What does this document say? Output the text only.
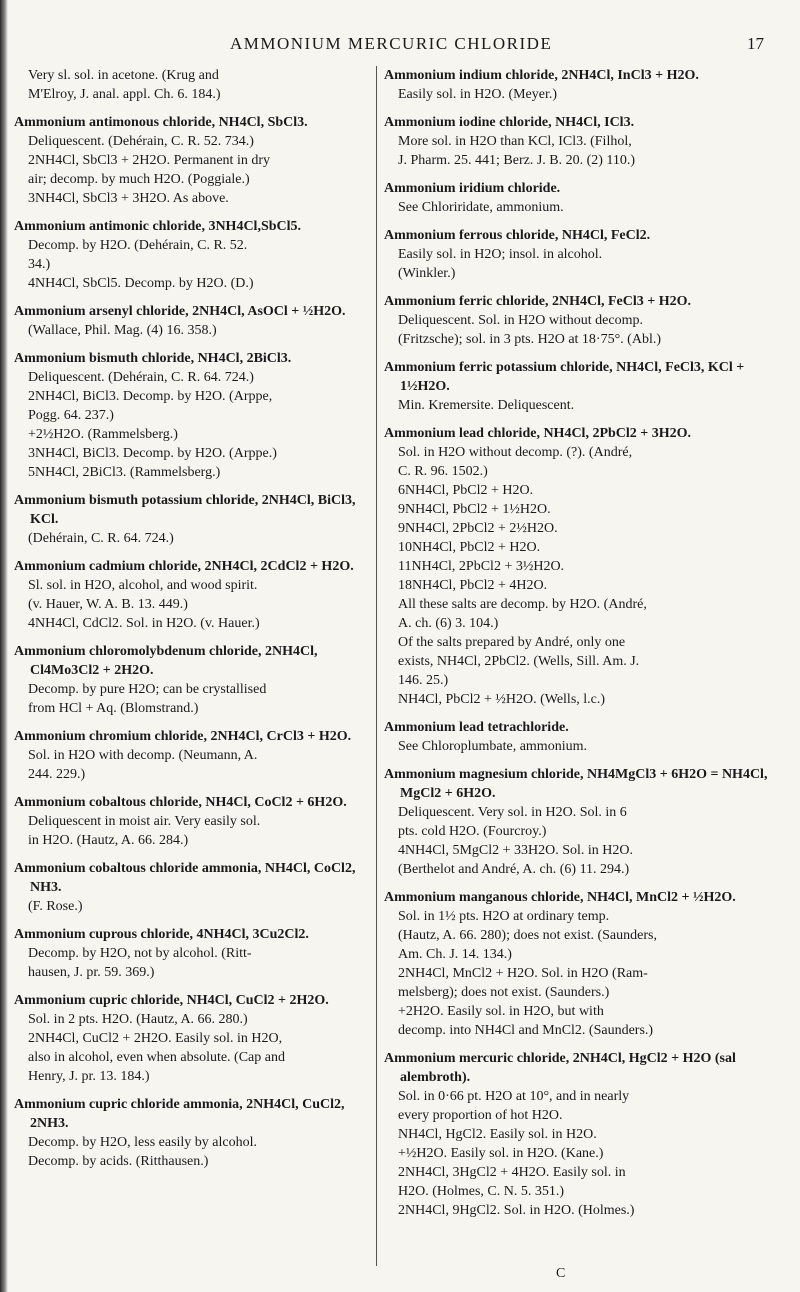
AMMONIUM MERCURIC CHLORIDE	17
Very sl. sol. in acetone. (Krug and
M'Elroy, J. anal. appl. Ch. 6. 184.)
Ammonium antimonous chloride, NH4Cl, SbCl3.
Deliquescent. (Dehérain, C. R. 52. 734.)
2NH4Cl, SbCl3 + 2H2O. Permanent in dry
air; decomp. by much H2O. (Poggiale.)
3NH4Cl, SbCl3 + 3H2O. As above.
Ammonium antimonic chloride, 3NH4Cl,SbCl5.
Decomp. by H2O. (Dehérain, C. R. 52.
34.)
4NH4Cl, SbCl5. Decomp. by H2O. (D.)
Ammonium arsenyl chloride, 2NH4Cl, AsOCl + ½H2O.
(Wallace, Phil. Mag. (4) 16. 358.)
Ammonium bismuth chloride, NH4Cl, 2BiCl3.
Deliquescent. (Dehérain, C. R. 64. 724.)
2NH4Cl, BiCl3. Decomp. by H2O. (Arppe,
Pogg. 64. 237.)
+2½H2O. (Rammelsberg.)
3NH4Cl, BiCl3. Decomp. by H2O. (Arppe.)
5NH4Cl, 2BiCl3. (Rammelsberg.)
Ammonium bismuth potassium chloride, 2NH4Cl, BiCl3, KCl.
(Dehérain, C. R. 64. 724.)
Ammonium cadmium chloride, 2NH4Cl, 2CdCl2 + H2O.
Sl. sol. in H2O, alcohol, and wood spirit.
(v. Hauer, W. A. B. 13. 449.)
4NH4Cl, CdCl2. Sol. in H2O. (v. Hauer.)
Ammonium chloromolybdenum chloride, 2NH4Cl, Cl4Mo3Cl2 + 2H2O.
Decomp. by pure H2O; can be crystallised
from HCl + Aq. (Blomstrand.)
Ammonium chromium chloride, 2NH4Cl, CrCl3 + H2O.
Sol. in H2O with decomp. (Neumann, A.
244. 229.)
Ammonium cobaltous chloride, NH4Cl, CoCl2 + 6H2O.
Deliquescent in moist air. Very easily sol.
in H2O. (Hautz, A. 66. 284.)
Ammonium cobaltous chloride ammonia, NH4Cl, CoCl2, NH3.
(F. Rose.)
Ammonium cuprous chloride, 4NH4Cl, 3Cu2Cl2.
Decomp. by H2O, not by alcohol. (Ritt-
hausen, J. pr. 59. 369.)
Ammonium cupric chloride, NH4Cl, CuCl2 + 2H2O.
Sol. in 2 pts. H2O. (Hautz, A. 66. 280.)
2NH4Cl, CuCl2 + 2H2O. Easily sol. in H2O,
also in alcohol, even when absolute. (Cap and
Henry, J. pr. 13. 184.)
Ammonium cupric chloride ammonia, 2NH4Cl, CuCl2, 2NH3.
Decomp. by H2O, less easily by alcohol.
Decomp. by acids. (Ritthausen.)
Ammonium indium chloride, 2NH4Cl, InCl3 + H2O.
Easily sol. in H2O. (Meyer.)
Ammonium iodine chloride, NH4Cl, ICl3.
More sol. in H2O than KCl, ICl3. (Filhol,
J. Pharm. 25. 441; Berz. J. B. 20. (2) 110.)
Ammonium iridium chloride.
See Chloriridate, ammonium.
Ammonium ferrous chloride, NH4Cl, FeCl2.
Easily sol. in H2O; insol. in alcohol.
(Winkler.)
Ammonium ferric chloride, 2NH4Cl, FeCl3 + H2O.
Deliquescent. Sol. in H2O without decomp.
(Fritzsche); sol. in 3 pts. H2O at 18·75°. (Abl.)
Ammonium ferric potassium chloride, NH4Cl, FeCl3, KCl + 1½H2O.
Min. Kremersite. Deliquescent.
Ammonium lead chloride, NH4Cl, 2PbCl2 + 3H2O.
Sol. in H2O without decomp. (?). (André,
C. R. 96. 1502.)
6NH4Cl, PbCl2 + H2O.
9NH4Cl, PbCl2 + 1½H2O.
9NH4Cl, 2PbCl2 + 2½H2O.
10NH4Cl, PbCl2 + H2O.
11NH4Cl, 2PbCl2 + 3½H2O.
18NH4Cl, PbCl2 + 4H2O.
All these salts are decomp. by H2O. (André,
A. ch. (6) 3. 104.)
Of the salts prepared by André, only one
exists, NH4Cl, 2PbCl2. (Wells, Sill. Am. J.
146. 25.)
NH4Cl, PbCl2 + ½H2O. (Wells, l.c.)
Ammonium lead tetrachloride.
See Chloroplumbate, ammonium.
Ammonium magnesium chloride, NH4MgCl3 + 6H2O = NH4Cl, MgCl2 + 6H2O.
Deliquescent. Very sol. in H2O. Sol. in 6
pts. cold H2O. (Fourcroy.)
4NH4Cl, 5MgCl2 + 33H2O. Sol. in H2O.
(Berthelot and André, A. ch. (6) 11. 294.)
Ammonium manganous chloride, NH4Cl, MnCl2 + ½H2O.
Sol. in 1½ pts. H2O at ordinary temp.
(Hautz, A. 66. 280); does not exist. (Saunders,
Am. Ch. J. 14. 134.)
2NH4Cl, MnCl2 + H2O. Sol. in H2O (Ram-
melsberg); does not exist. (Saunders.)
+2H2O. Easily sol. in H2O, but with
decomp. into NH4Cl and MnCl2. (Saunders.)
Ammonium mercuric chloride, 2NH4Cl, HgCl2 + H2O (sal alembroth).
Sol. in 0·66 pt. H2O at 10°, and in nearly
every proportion of hot H2O.
NH4Cl, HgCl2. Easily sol. in H2O.
+½H2O. Easily sol. in H2O. (Kane.)
2NH4Cl, 3HgCl2 + 4H2O. Easily sol. in
H2O. (Holmes, C. N. 5. 351.)
2NH4Cl, 9HgCl2. Sol. in H2O. (Holmes.)
C
